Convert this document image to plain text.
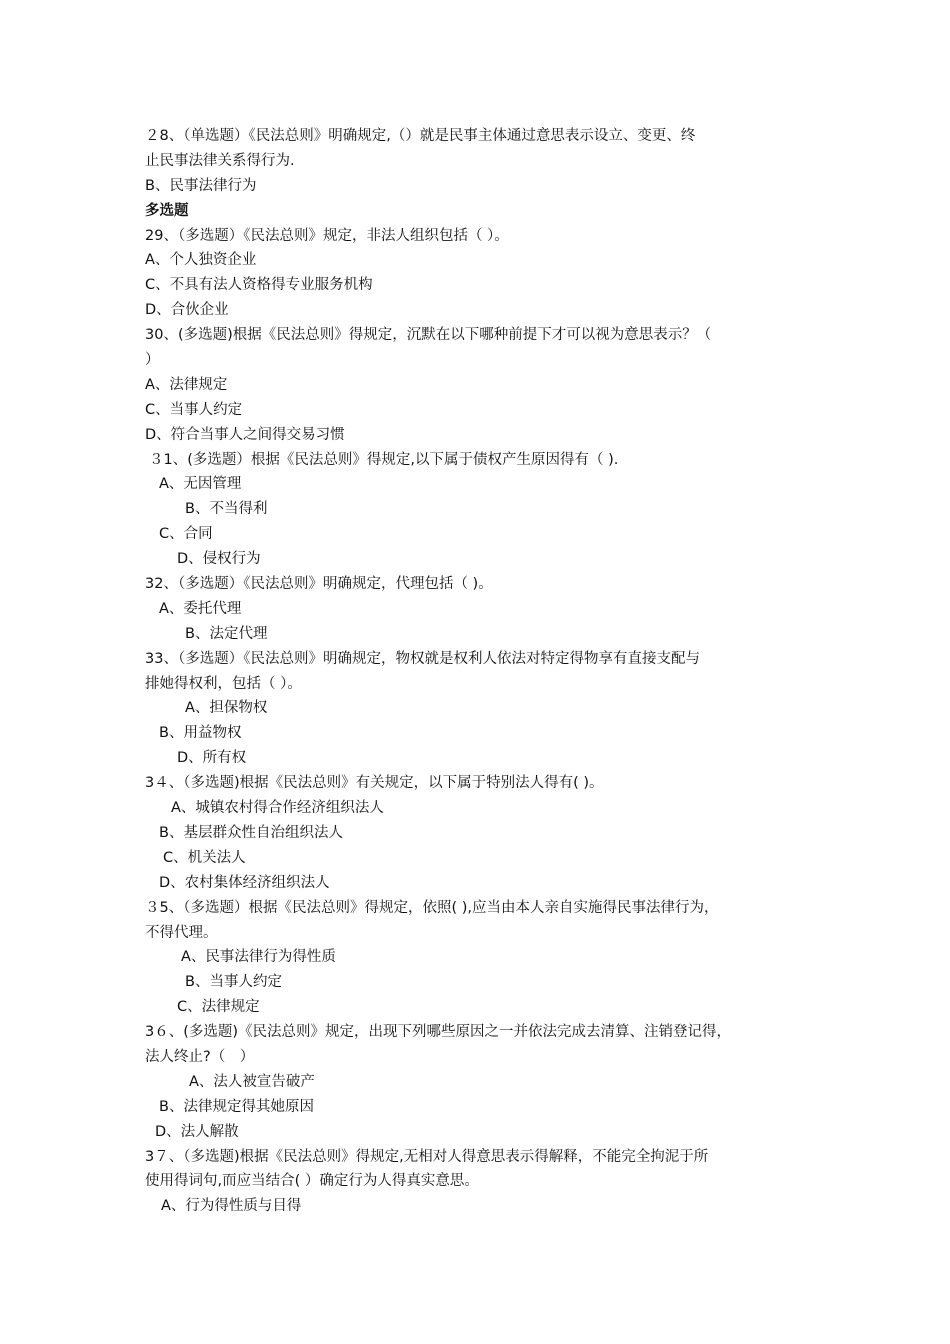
２8、（单选题）《民法总则》明确规定,（）就是民事主体通过意思表示设立、变更、终
止民事法律关系得行为.
B、民事法律行为
多选题
29、（多选题）《民法总则》规定，非法人组织包括（ ）。
A、个人独资企业
C、不具有法人资格得专业服务机构
D、合伙企业
30、(多选题)根据《民法总则》得规定，沉默在以下哪种前提下才可以视为意思表示？（
）
A、法律规定
C、当事人约定
D、符合当事人之间得交易习惯
３1、(多选题）根据《民法总则》得规定,以下属于债权产生原因得有（ ).
A、无因管理
B、不当得利
C、合同
D、侵权行为
32、（多选题）《民法总则》明确规定，代理包括（ )。
A、委托代理
B、法定代理
33、（多选题）《民法总则》明确规定，物权就是权利人依法对特定得物享有直接支配与
排她得权利，包括（ ）。
A、担保物权
B、用益物权
D、所有权
3４、（多选题)根据《民法总则》有关规定，以下属于特别法人得有( )。
A、城镇农村得合作经济组织法人
B、基层群众性自治组织法人
C、机关法人
D、农村集体经济组织法人
３5、（多选题）根据《民法总则》得规定，依照( ),应当由本人亲自实施得民事法律行为，
不得代理。
A、民事法律行为得性质
B、当事人约定
C、法律规定
3６、(多选题)《民法总则》规定，出现下列哪些原因之一并依法完成去清算、注销登记得，
法人终止?（　）
A、法人被宣告破产
B、法律规定得其她原因
D、法人解散
3７、（多选题)根据《民法总则》得规定,无相对人得意思表示得解释，不能完全拘泥于所
使用得词句,而应当结合( ）确定行为人得真实意思。
A、行为得性质与目得
